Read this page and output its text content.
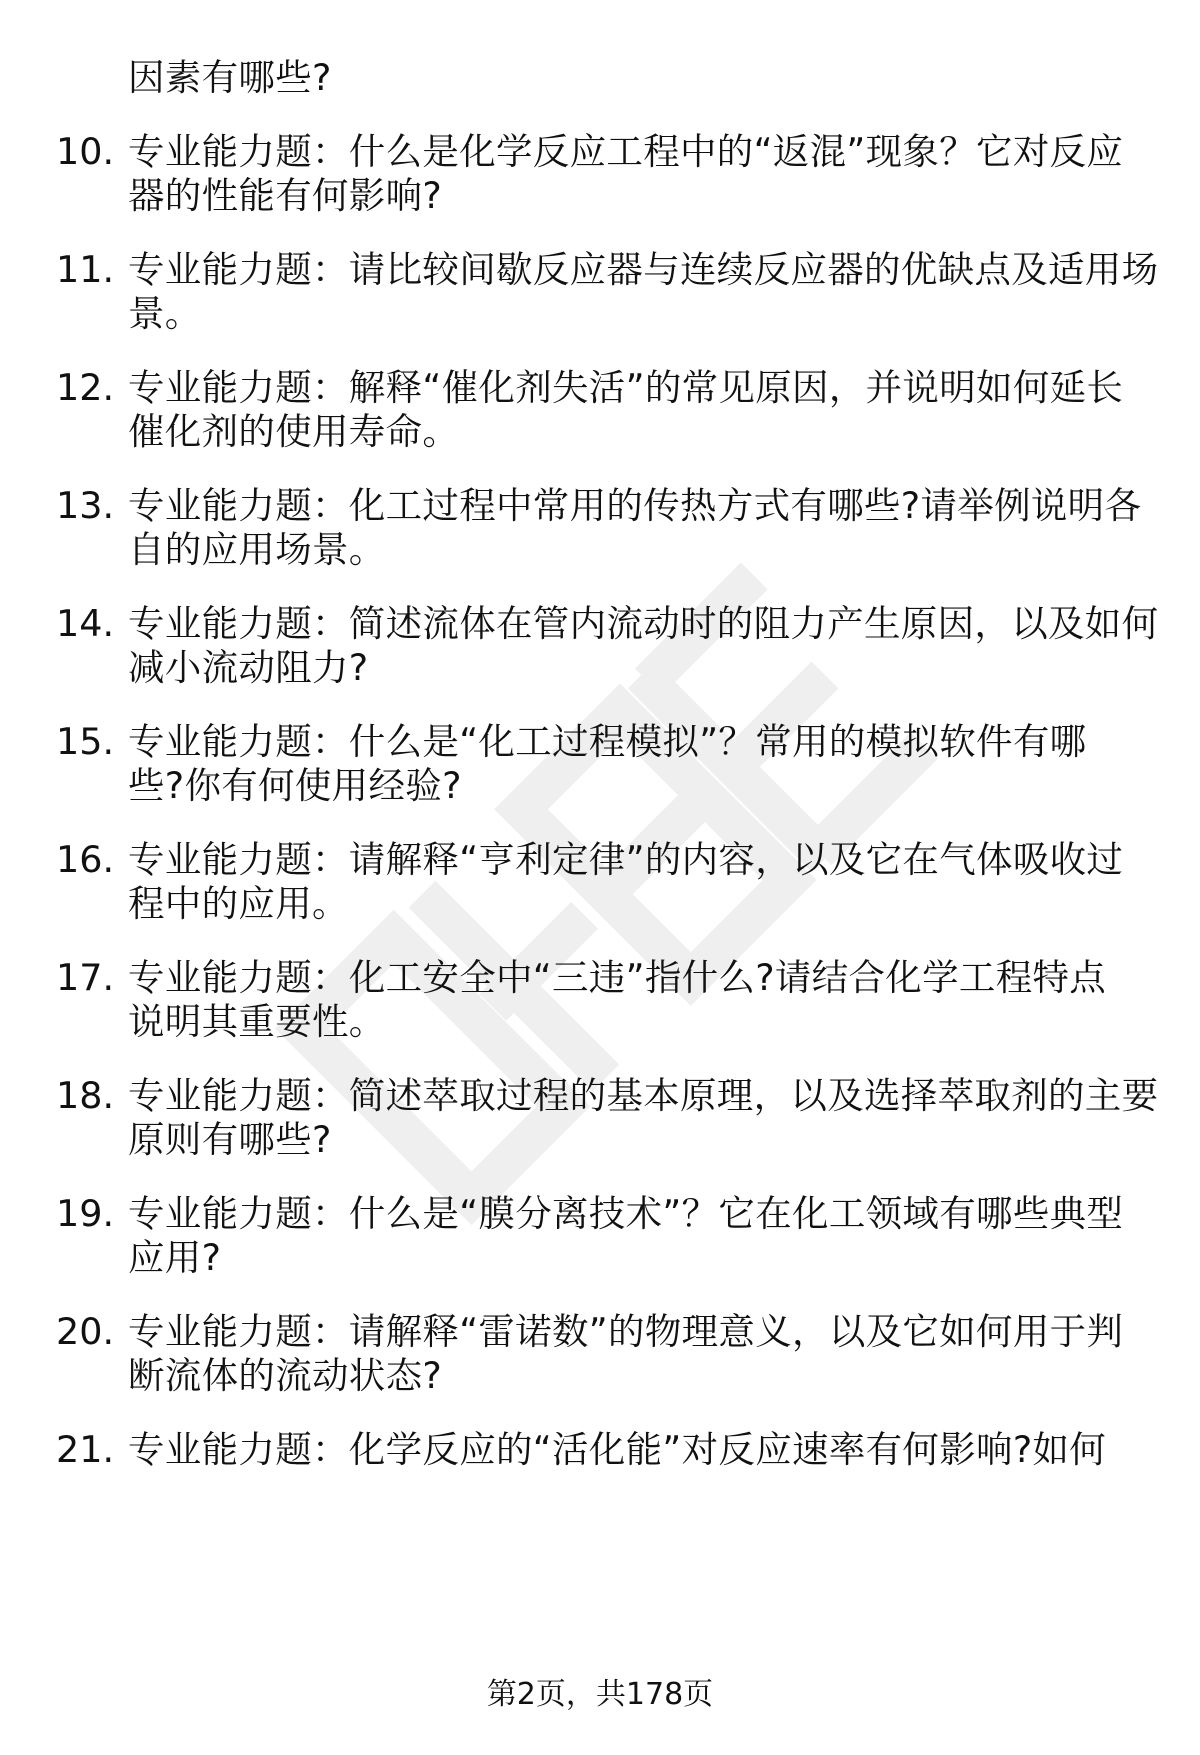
因素有哪些?
10. 专业能力题：什么是化学反应工程中的“返混”现象？它对反应
器的性能有何影响?
11. 专业能力题：请比较间歇反应器与连续反应器的优缺点及适用场
景。
12. 专业能力题：解释“催化剂失活”的常见原因，并说明如何延长
催化剂的使用寿命。
13. 专业能力题：化工过程中常用的传热方式有哪些?请举例说明各
自的应用场景。
14. 专业能力题：简述流体在管内流动时的阻力产生原因，以及如何
减小流动阻力?
15. 专业能力题：什么是“化工过程模拟”？常用的模拟软件有哪
些?你有何使用经验?
16. 专业能力题：请解释“亨利定律”的内容，以及它在气体吸收过
程中的应用。
17. 专业能力题：化工安全中“三违”指什么?请结合化学工程特点
说明其重要性。
18. 专业能力题：简述萃取过程的基本原理，以及选择萃取剂的主要
原则有哪些?
19. 专业能力题：什么是“膜分离技术”？它在化工领域有哪些典型
应用?
20. 专业能力题：请解释“雷诺数”的物理意义，以及它如何用于判
断流体的流动状态?
21. 专业能力题：化学反应的“活化能”对反应速率有何影响?如何
第2页，共178页
